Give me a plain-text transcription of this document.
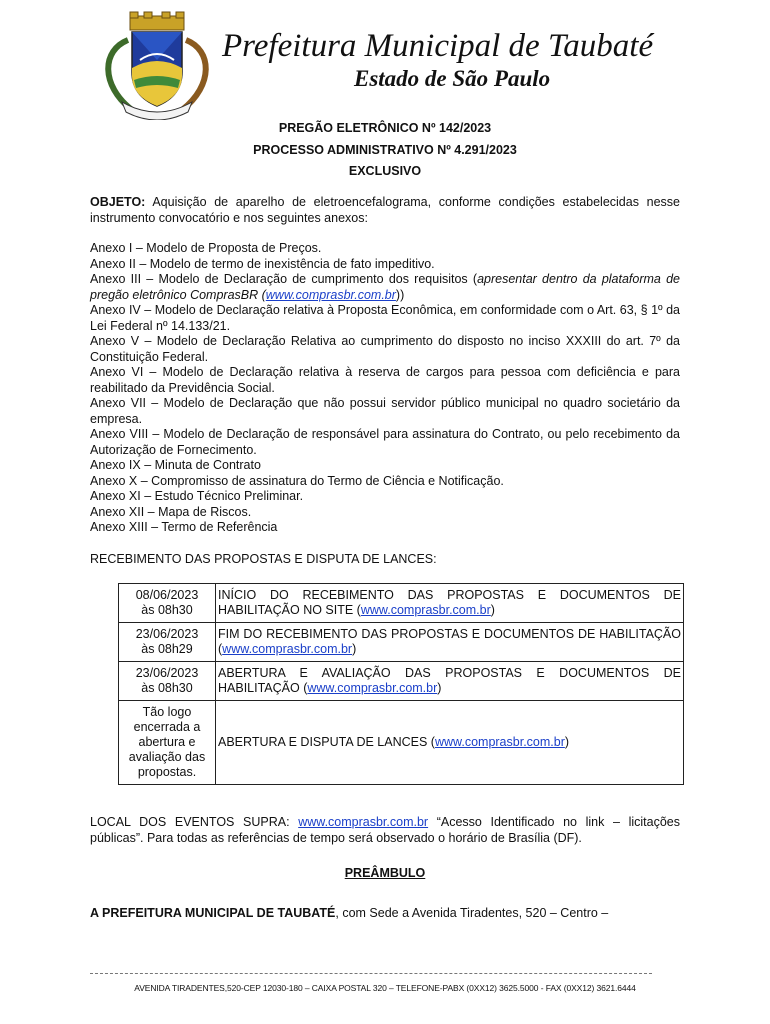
Prefeitura Municipal de Taubaté
Estado de São Paulo
PREGÃO ELETRÔNICO Nº 142/2023
PROCESSO ADMINISTRATIVO Nº 4.291/2023
EXCLUSIVO
OBJETO: Aquisição de aparelho de eletroencefalograma, conforme condições estabelecidas nesse instrumento convocatório e nos seguintes anexos:

Anexo I – Modelo de Proposta de Preços.

Anexo II – Modelo de termo de inexistência de fato impeditivo.

Anexo III – Modelo de Declaração de cumprimento dos requisitos (apresentar dentro da plataforma de pregão eletrônico ComprasBR (www.comprasbr.com.br))

Anexo IV – Modelo de Declaração relativa à Proposta Econômica, em conformidade com o Art. 63, § 1º da Lei Federal nº 14.133/21.

Anexo V – Modelo de Declaração Relativa ao cumprimento do disposto no inciso XXXIII do art. 7º da Constituição Federal.

Anexo VI – Modelo de Declaração relativa à reserva de cargos para pessoa com deficiência e para reabilitado da Previdência Social.

Anexo VII – Modelo de Declaração que não possui servidor público municipal no quadro societário da empresa.

Anexo VIII – Modelo de Declaração de responsável para assinatura do Contrato, ou pelo recebimento da Autorização de Fornecimento.

Anexo IX – Minuta de Contrato

Anexo X – Compromisso de assinatura do Termo de Ciência e Notificação.

Anexo XI – Estudo Técnico Preliminar.

Anexo XII – Mapa de Riscos.

Anexo XIII – Termo de Referência

RECEBIMENTO DAS PROPOSTAS E DISPUTA DE LANCES:
08/06/2023
às 08h30	INÍCIO DO RECEBIMENTO DAS PROPOSTAS E DOCUMENTOS DE HABILITAÇÃO NO SITE (www.comprasbr.com.br)
23/06/2023
às 08h29	FIM DO RECEBIMENTO DAS PROPOSTAS E DOCUMENTOS DE HABILITAÇÃO (www.comprasbr.com.br)
23/06/2023
às 08h30	ABERTURA E AVALIAÇÃO DAS PROPOSTAS E DOCUMENTOS DE HABILITAÇÃO (www.comprasbr.com.br)
Tão logo encerrada a abertura e avaliação das propostas.	ABERTURA E DISPUTA DE LANCES (www.comprasbr.com.br)
LOCAL DOS EVENTOS SUPRA: www.comprasbr.com.br “Acesso Identificado no link – licitações públicas”. Para todas as referências de tempo será observado o horário de Brasília (DF).
PREÂMBULO
A PREFEITURA MUNICIPAL DE TAUBATÉ, com Sede a Avenida Tiradentes, 520 – Centro –
AVENIDA TIRADENTES,520-CEP 12030-180 – CAIXA POSTAL 320 – TELEFONE-PABX (0XX12) 3625.5000 - FAX (0XX12) 3621.6444
